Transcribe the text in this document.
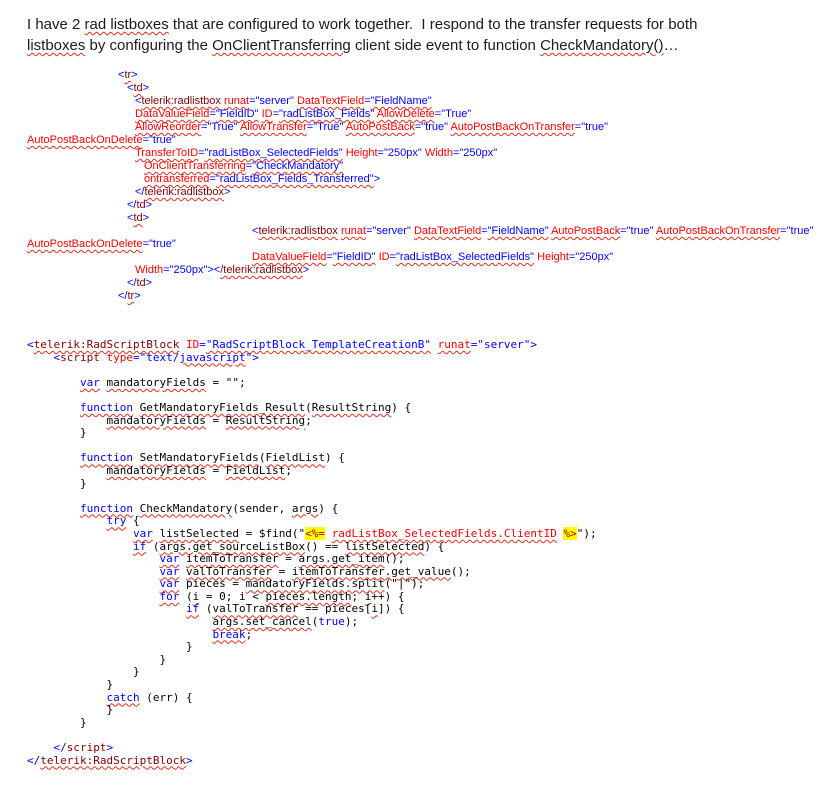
I have 2 rad listboxes that are configured to work together.  I respond to the transfer requests for both
listboxes by configuring the OnClientTransferring client side event to function CheckMandatory()…
<tr>
<td>
<telerik:radlistbox runat="server" DataTextField="FieldName"
DataValueField="FieldID" ID="radListBox_Fields" AllowDelete="True"
AllowReorder="True" AllowTransfer="True" AutoPostBack="true" AutoPostBackOnTransfer="true"
AutoPostBackOnDelete="true"
TransferToID="radListBox_SelectedFields" Height="250px" Width="250px"
OnClientTransferring="CheckMandatory"
ontransferred="radListBox_Fields_Transferred">
</telerik:radlistbox>
</td>
<td>
<telerik:radlistbox runat="server" DataTextField="FieldName" AutoPostBack="true" AutoPostBackOnTransfer="true"
AutoPostBackOnDelete="true"
DataValueField="FieldID" ID="radListBox_SelectedFields" Height="250px"
Width="250px"></telerik:radlistbox>
</td>
</tr>
<telerik:RadScriptBlock ID="RadScriptBlock_TemplateCreationB" runat="server">
<script type="text/javascript">

var mandatoryFields = "";

function GetMandatoryFields_Result(ResultString) {
mandatoryFields = ResultString;
}

function SetMandatoryFields(FieldList) {
mandatoryFields = FieldList;
}

function CheckMandatory(sender, args) {
try {
var listSelected = $find("<%= radListBox_SelectedFields.ClientID %>");
if (args.get_sourceListBox() == listSelected) {
var itemToTransfer = args.get_item();
var valToTransfer = itemToTransfer.get_value();
var pieces = mandatoryFields.split("|");
for (i = 0; i < pieces.length; i++) {
if (valToTransfer == pieces[i]) {
args.set_cancel(true);
break;
}
}
}
}
catch (err) {
}
}

</script>
</telerik:RadScriptBlock>
